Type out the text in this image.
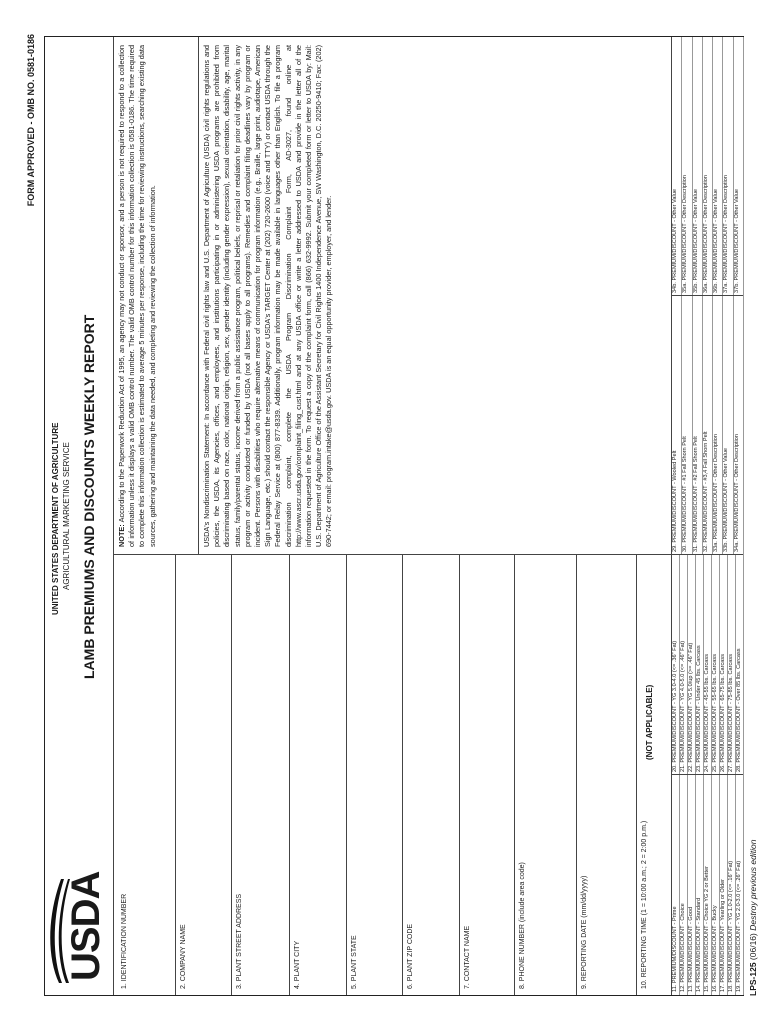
FORM APPROVED - OMB NO. 0581-0186
USDA
UNITED STATES DEPARTMENT OF AGRICULTURE AGRICULTURAL MARKETING SERVICE LAMB PREMIUMS AND DISCOUNTS WEEKLY REPORT
1. IDENTIFICATION NUMBER	2. COMPANY NAME	3. PLANT STREET ADDRESS	4. PLANT CITY	5. PLANT STATE	6. PLANT ZIP CODE	7. CONTACT NAME	8. PHONE NUMBER (include area code)	9. REPORTING DATE (mm/dd/yyyy)	10. REPORTING TIME (1 = 10:00 a.m.; 2 = 2:00 p.m.)
(NOT APPLICABLE)
NOTE: According to the Paperwork Reduction Act of 1995, an agency may not conduct or sponsor, and a person is not required to respond to a collection of information unless it displays a valid OMB control number. The valid OMB control number for this information collection is 0581-0186. The time required to complete this information collection is estimated to average 5 minutes per response, including the time for reviewing instructions, searching existing data sources, gathering and maintaining the data needed, and completing and reviewing the collection of information.	USDA's Nondiscrimination Statement: In accordance with Federal civil rights law and U.S. Department of Agriculture (USDA) civil rights regulations and policies, the USDA, its Agencies, offices, and employees, and institutions participating in or administering USDA programs are prohibited from discriminating based on race, color, national origin, religion, sex, gender identity (including gender expression), sexual orientation, disability, age, marital status, family/parental status, income derived from a public assistance program, political beliefs, or reprisal or retaliation for prior civil rights activity, in any program or activity conducted or funded by USDA (not all bases apply to all programs). Remedies and complaint filing deadlines vary by program or incident. Persons with disabilities who require alternative means of communication for program information (e.g., Braille, large print, audiotape, American Sign Language, etc.) should contact the responsible Agency or USDA's TARGET Center at (202) 720-2600 (voice and TTY) or contact USDA through the Federal Relay Service at (800) 877-8339. Additionally, program information may be made available in languages other than English. To file a program discrimination complaint, complete the USDA Program Discrimination Complaint Form, AD-3027, found online at http://www.ascr.usda.gov/complaint_filing_cust.html and at any USDA office or write a letter addressed to USDA and provide in the letter all of the information requested in the form. To request a copy of the complaint form, call (866) 632-9992. Submit your completed form or letter to USDA by: Mail: U.S. Department of Agriculture Office of the Assistant Secretary for Civil Rights 1400 Independence Avenue, SW Washington, D.C. 20250-9410; Fax: (202) 690-7442; or email: program.intake@usda.gov. USDA is an equal opportunity provider, employer, and lender.
11. PREMIUM/DISCOUNT - Prime 12. PREMIUM/DISCOUNT - Choice 13. PREMIUM/DISCOUNT - Good 14. PREMIUM/DISCOUNT - Standard 15. PREMIUM/DISCOUNT - Choice YG 2 or Better 16. PREMIUM/DISCOUNT - Bucky 17. PREMIUM/DISCOUNT - Yearling or Older 18. PREMIUM/DISCOUNT - YG 1.0-2.0 (<= .16" Fat) 19. PREMIUM/DISCOUNT - YG 2.0-3.0 (<= .26" Fat)
20. PREMIUM/DISCOUNT - YG 3.0-4.0 (<= .36" Fat) 21. PREMIUM/DISCOUNT - YG 4.0-5.0 (<= .46" Fat) 22. PREMIUM/DISCOUNT - YG 5.0/up (>= .46" Fat) 23. PREMIUM/DISCOUNT - Under 45 lbs. Carcass 24. PREMIUM/DISCOUNT - 45-55 lbs. Carcass 25. PREMIUM/DISCOUNT - 55-65 lbs. Carcass 26. PREMIUM/DISCOUNT - 65-75 lbs. Carcass 27. PREMIUM/DISCOUNT - 75-85 lbs. Carcass 28. PREMIUM/DISCOUNT - Over 85 lbs. Carcass
29. PREMIUM/DISCOUNT - Wooled Pelt 30. PREMIUM/DISCOUNT - #1 Fall Shorn Pelt 31. PREMIUM/DISCOUNT - #2 Fall Shorn Pelt 32. PREMIUM/DISCOUNT - #3,4 Fall Shorn Pelt 33a. PREMIUM/DISCOUNT - Other Description 33b. PREMIUM/DISCOUNT - Other Value 34a. PREMIUM/DISCOUNT - Other Description
34b. PREMIUM/DISCOUNT - Other Value 35a. PREMIUM/DISCOUNT - Other Description 35b. PREMIUM/DISCOUNT - Other Value 36a. PREMIUM/DISCOUNT - Other Description 36b. PREMIUM/DISCOUNT - Other Value 37a. PREMIUM/DISCOUNT - Other Description 37b. PREMIUM/DISCOUNT - Other Value
LPS-125 (06/16) Destroy previous edition
